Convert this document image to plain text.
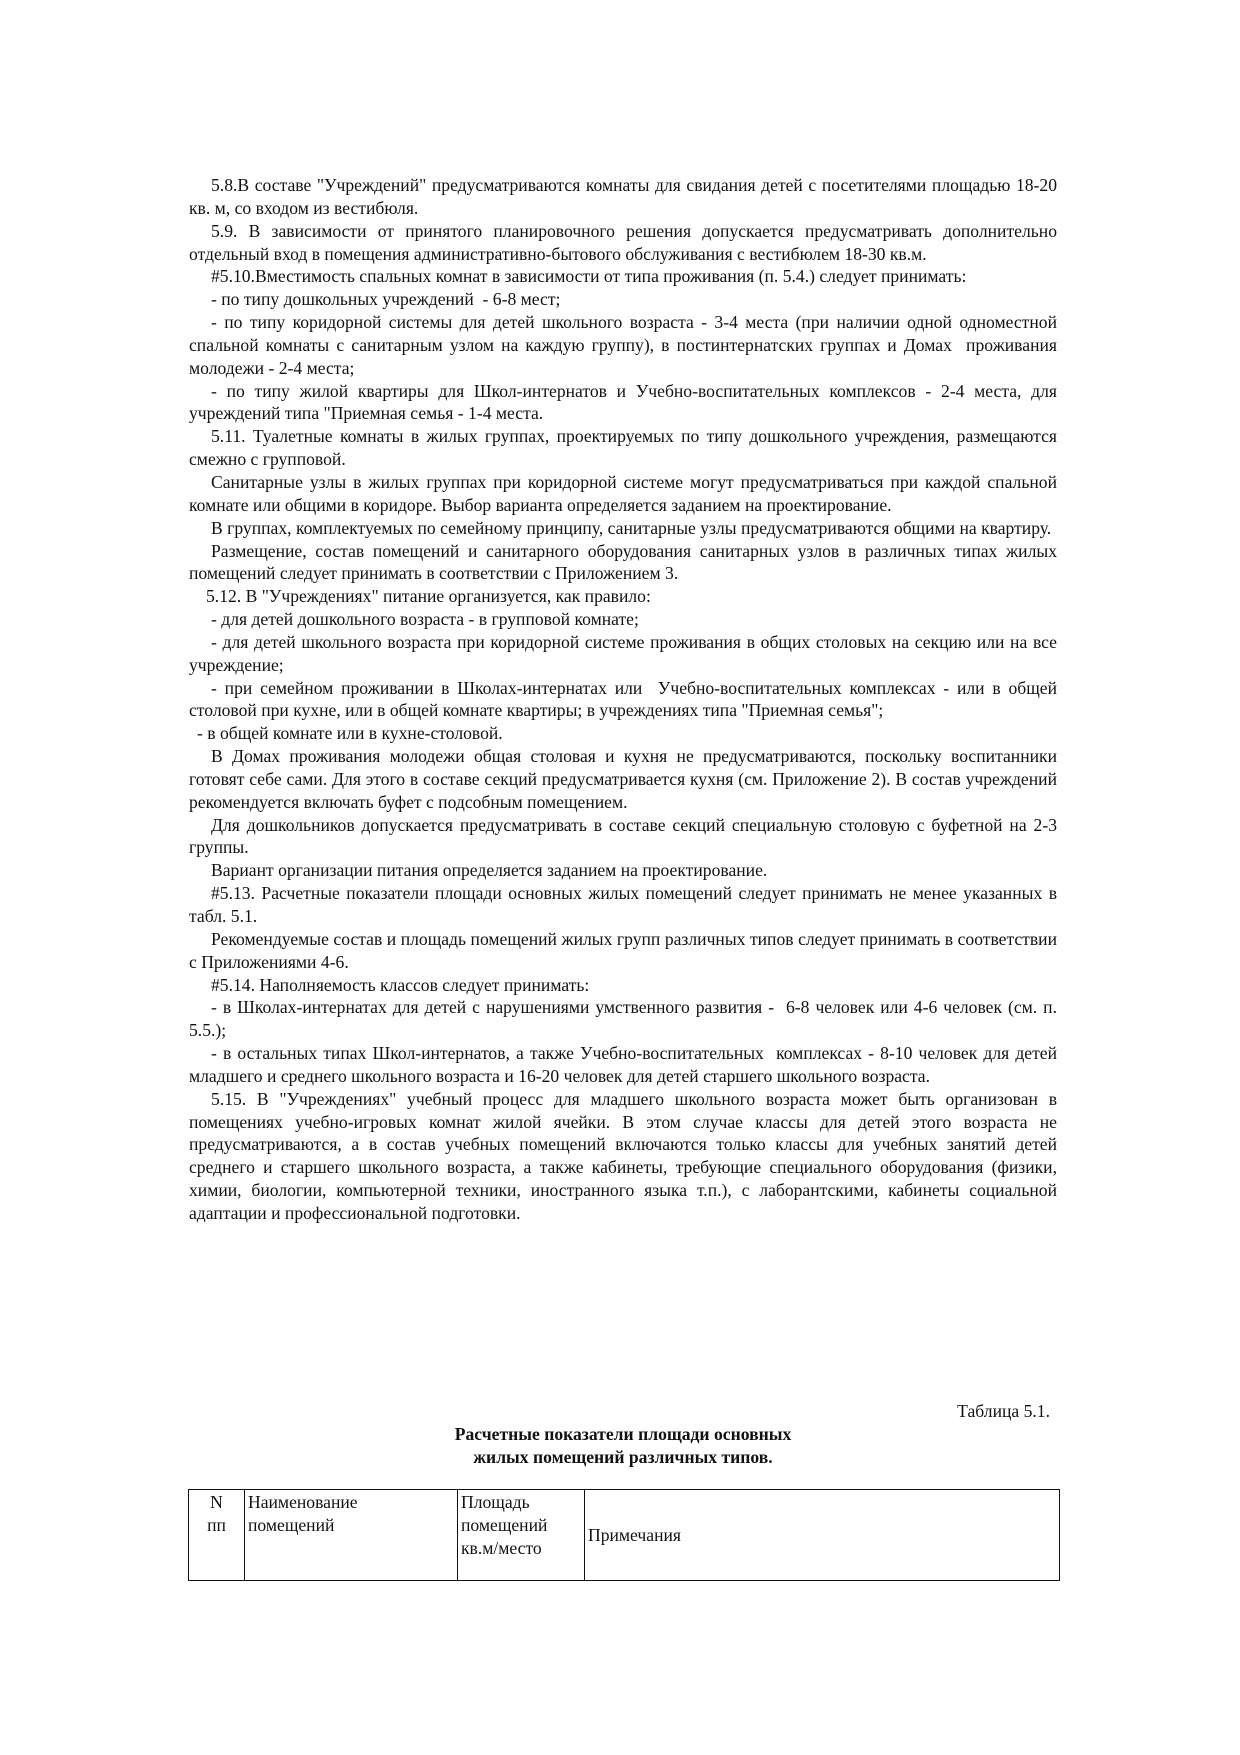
5.8.В составе "Учреждений" предусматриваются комнаты для свидания детей с посетителями площадью 18-20 кв. м, со входом из вестибюля.

5.9. В зависимости от принятого планировочного решения допускается предусматривать дополнительно отдельный вход в помещения административно-бытового обслуживания с вестибюлем 18-30 кв.м.

#5.10.Вместимость спальных комнат в зависимости от типа проживания (п. 5.4.) следует принимать:

- по типу дошкольных учреждений  - 6-8 мест;

- по типу коридорной системы для детей школьного возраста - 3-4 места (при наличии одной одноместной спальной комнаты с санитарным узлом на каждую группу), в постинтернатских группах и Домах  проживания молодежи - 2-4 места;

- по типу жилой квартиры для Школ-интернатов и Учебно-воспитательных комплексов - 2-4 места, для учреждений типа "Приемная семья - 1-4 места.

5.11. Туалетные комнаты в жилых группах, проектируемых по типу дошкольного учреждения, размещаются смежно с групповой.

Санитарные узлы в жилых группах при коридорной системе могут предусматриваться при каждой спальной комнате или общими в коридоре. Выбор варианта определяется заданием на проектирование.

В группах, комплектуемых по семейному принципу, санитарные узлы предусматриваются общими на квартиру.

Размещение, состав помещений и санитарного оборудования санитарных узлов в различных типах жилых помещений следует принимать в соответствии с Приложением 3.

5.12. В "Учреждениях" питание организуется, как правило:

- для детей дошкольного возраста - в групповой комнате;

- для детей школьного возраста при коридорной системе проживания в общих столовых на секцию или на все учреждение;

- при семейном проживании в Школах-интернатах или  Учебно-воспитательных комплексах - или в общей столовой при кухне, или в общей комнате квартиры; в учреждениях типа "Приемная семья";

- в общей комнате или в кухне-столовой.

В Домах проживания молодежи общая столовая и кухня не предусматриваются, поскольку воспитанники готовят себе сами. Для этого в составе секций предусматривается кухня (см. Приложение 2). В состав учреждений рекомендуется включать буфет с подсобным помещением.

Для дошкольников допускается предусматривать в составе секций специальную столовую с буфетной на 2-3 группы.

Вариант организации питания определяется заданием на проектирование.

#5.13. Расчетные показатели площади основных жилых помещений следует принимать не менее указанных в табл. 5.1.

Рекомендуемые состав и площадь помещений жилых групп различных типов следует принимать в соответствии с Приложениями 4-6.

#5.14. Наполняемость классов следует принимать:

- в Школах-интернатах для детей с нарушениями умственного развития -  6-8 человек или 4-6 человек (см. п. 5.5.);

- в остальных типах Школ-интернатов, а также Учебно-воспитательных  комплексах - 8-10 человек для детей младшего и среднего школьного возраста и 16-20 человек для детей старшего школьного возраста.

5.15. В "Учреждениях" учебный процесс для младшего школьного возраста может быть организован в помещениях учебно-игровых комнат жилой ячейки. В этом случае классы для детей этого возраста не предусматриваются, а в состав учебных помещений включаются только классы для учебных занятий детей среднего и старшего школьного возраста, а также кабинеты, требующие специального оборудования (физики, химии, биологии, компьютерной техники, иностранного языка т.п.), с лаборантскими, кабинеты социальной адаптации и профессиональной подготовки.

Таблица 5.1.
Расчетные показатели площади основных
жилых помещений различных типов.
N
пп

Наименование
помещений

Площадь
помещений
кв.м/место

Примечания
